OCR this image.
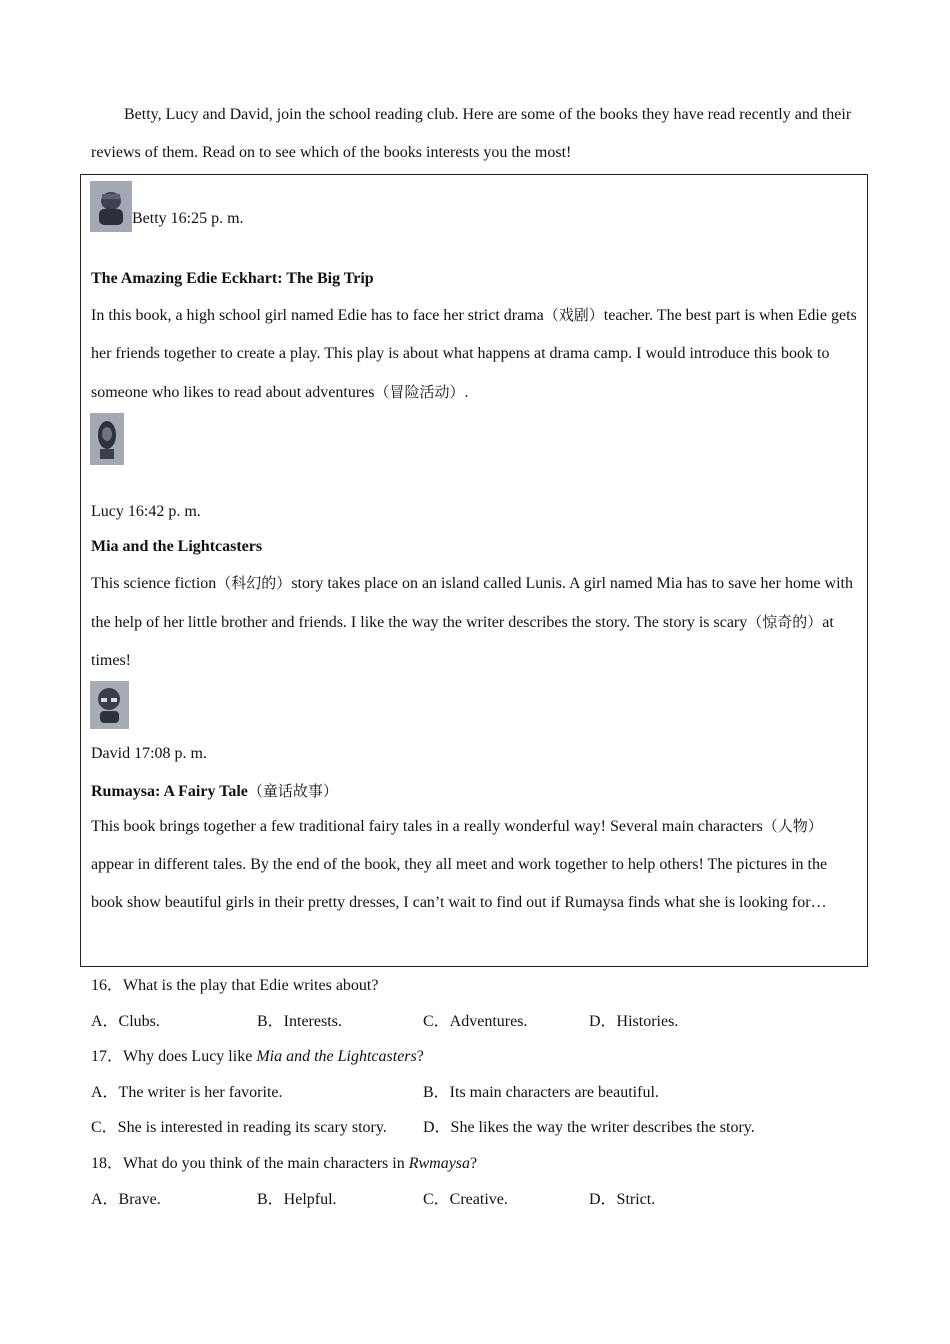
Betty, Lucy and David, join the school reading club. Here are some of the books they have read recently and their reviews of them. Read on to see which of the books interests you the most!

Betty 16:25 p. m.
The Amazing Edie Eckhart: The Big Trip

In this book, a high school girl named Edie has to face her strict drama（戏剧）teacher. The best part is when Edie gets her friends together to create a play. This play is about what happens at drama camp. I would introduce this book to someone who likes to read about adventures（冒险活动）.

Lucy 16:42 p. m.
Mia and the Lightcasters

This science fiction（科幻的）story takes place on an island called Lunis. A girl named Mia has to save her home with the help of her little brother and friends. I like the way the writer describes the story. The story is scary（惊奇的）at times!

David 17:08 p. m.
Rumaysa: A Fairy Tale（童话故事）

This book brings together a few traditional fairy tales in a really wonderful way! Several main characters（人物）appear in different tales. By the end of the book, they all meet and work together to help others! The pictures in the book show beautiful girls in their pretty dresses, I can’t wait to find out if Rumaysa finds what she is looking for…

16．What is the play that Edie writes about?
A．Clubs.	B．Interests.	C．Adventures.	D．Histories.
17．Why does Lucy like Mia and the Lightcasters?
A．The writer is her favorite.	B．Its main characters are beautiful.
C．She is interested in reading its scary story. D．She likes the way the writer describes the story.
18．What do you think of the main characters in Rwmaysa?
A．Brave.	B．Helpful.	C．Creative.	D．Strict.
